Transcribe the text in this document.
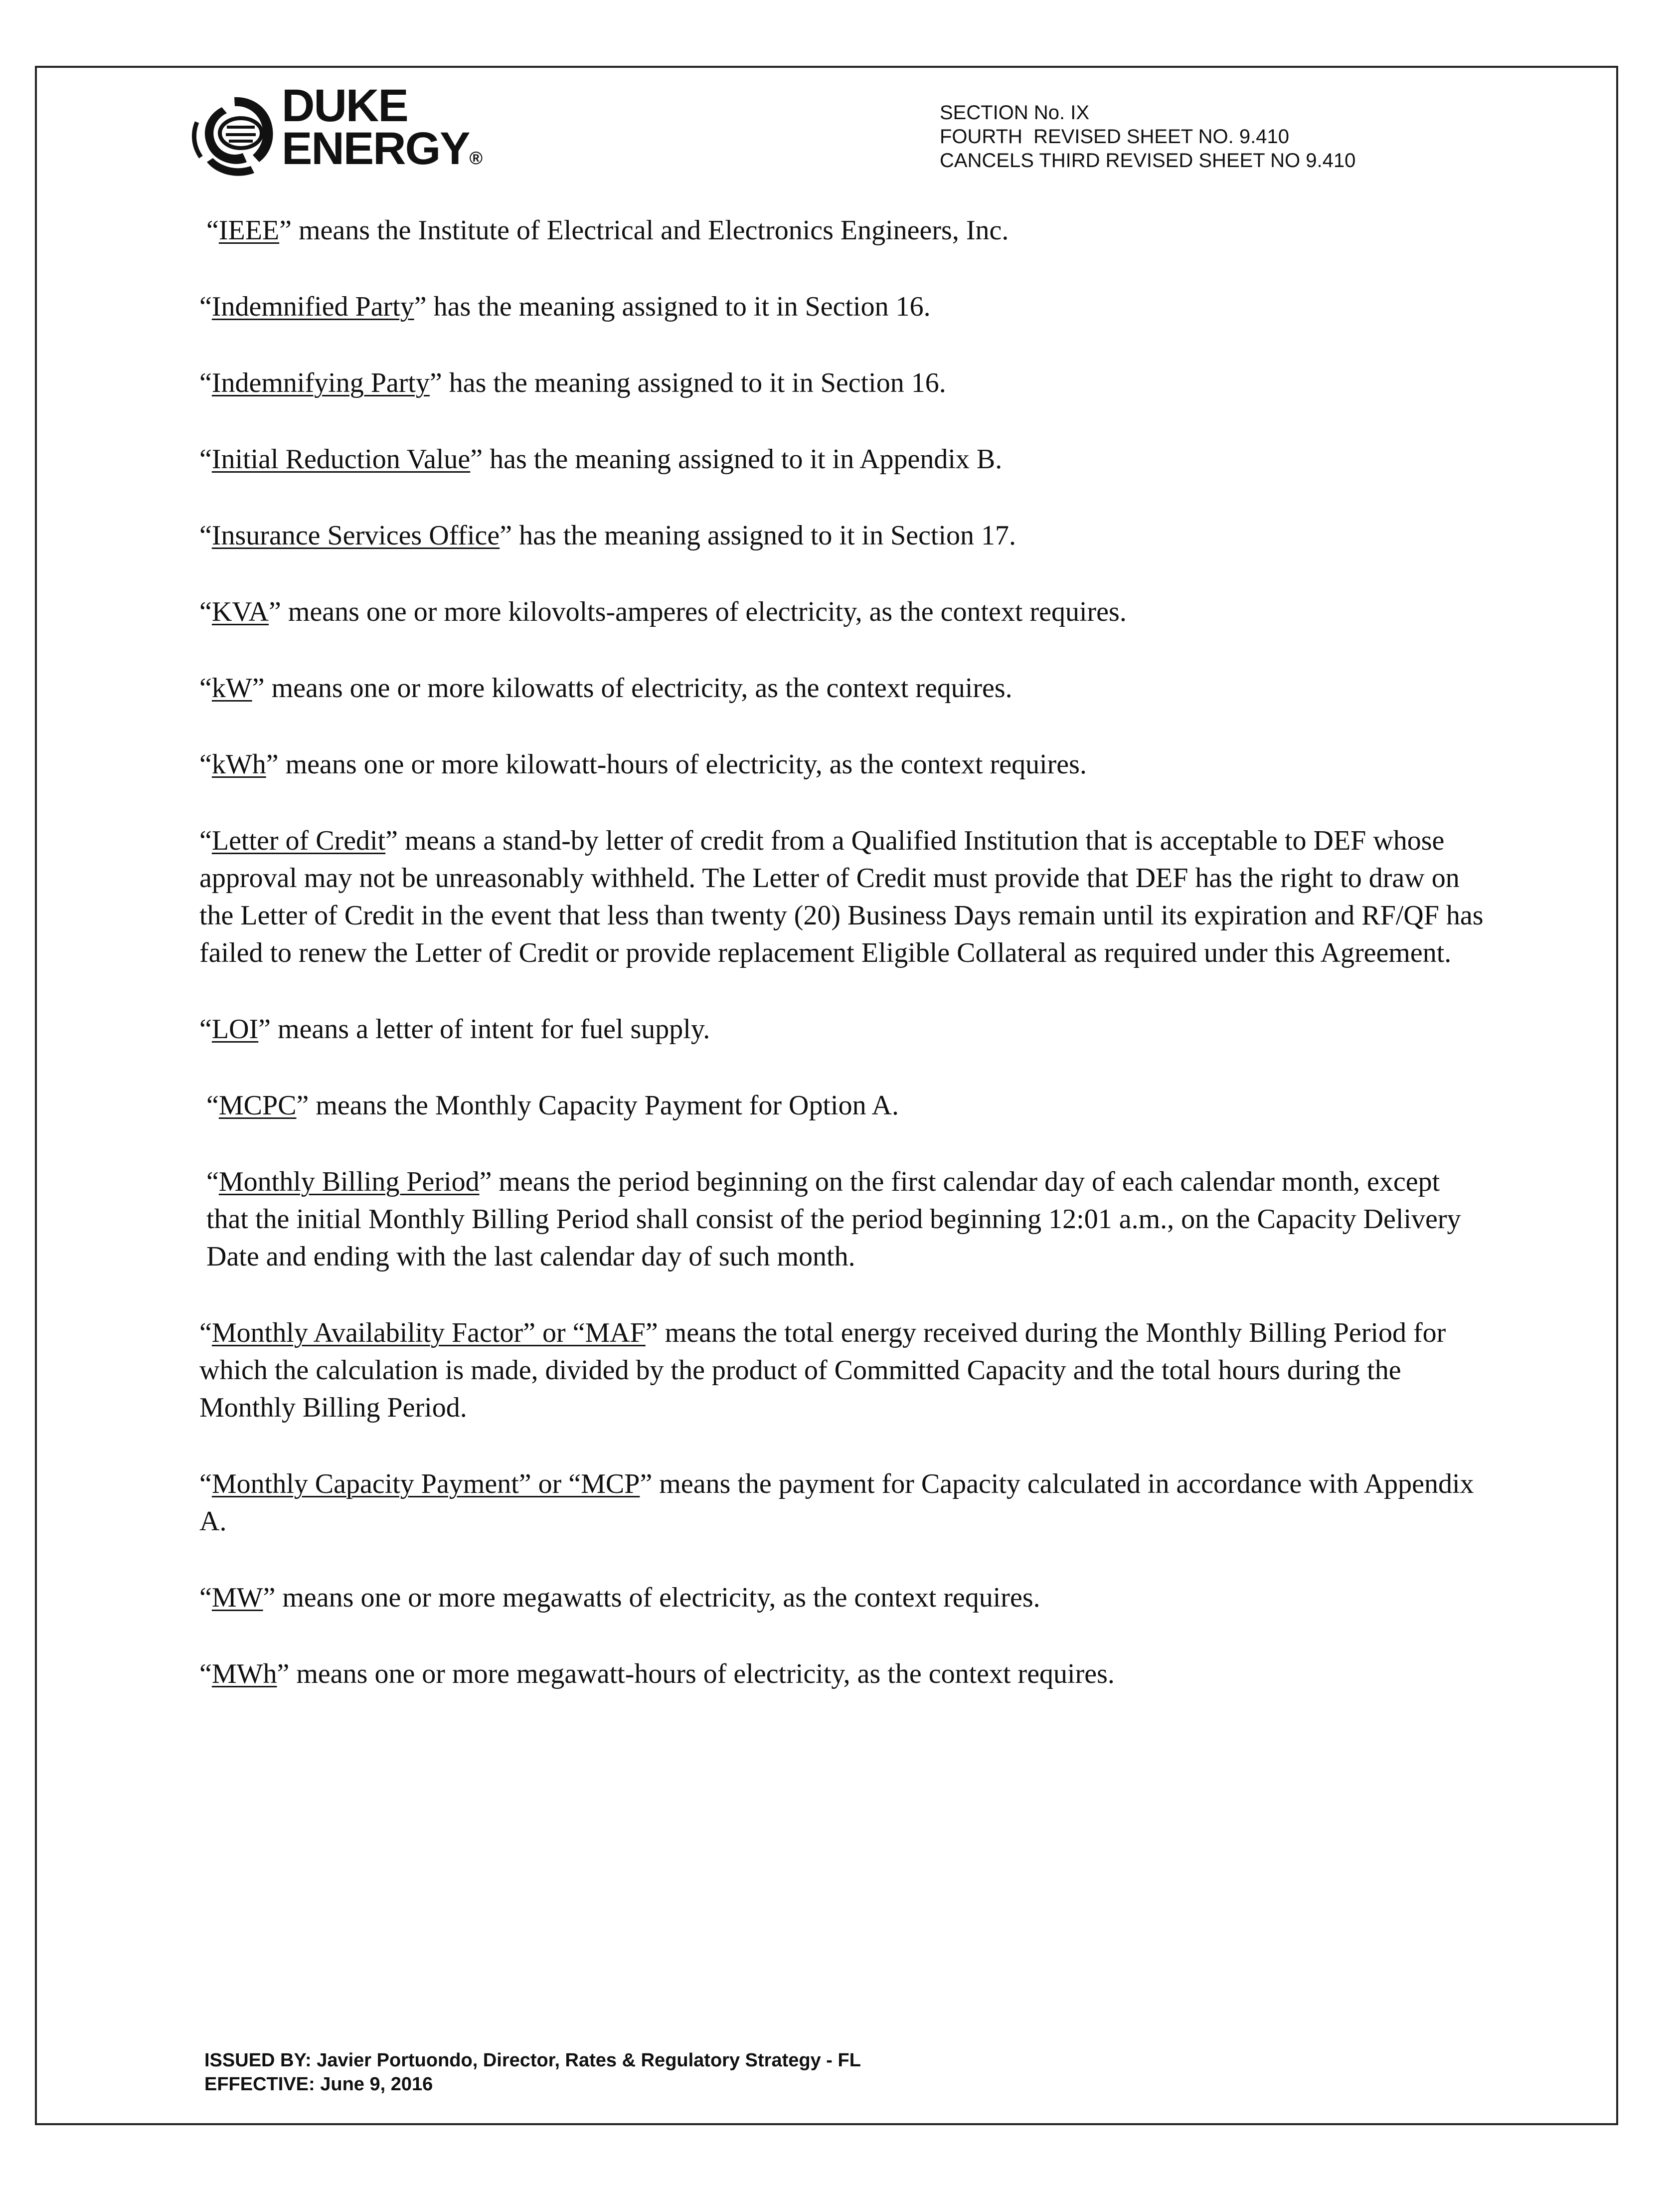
DUKE
ENERGY®
SECTION No. IX
FOURTH  REVISED SHEET NO. 9.410
CANCELS THIRD REVISED SHEET NO 9.410

“IEEE” means the Institute of Electrical and Electronics Engineers, Inc.

“Indemnified Party” has the meaning assigned to it in Section 16.

“Indemnifying Party” has the meaning assigned to it in Section 16.

“Initial Reduction Value” has the meaning assigned to it in Appendix B.

“Insurance Services Office” has the meaning assigned to it in Section 17.

“KVA” means one or more kilovolts-amperes of electricity, as the context requires.

“kW” means one or more kilowatts of electricity, as the context requires.

“kWh” means one or more kilowatt-hours of electricity, as the context requires.

“Letter of Credit” means a stand-by letter of credit from a Qualified Institution that is acceptable to DEF whose approval may not be unreasonably withheld. The Letter of Credit must provide that DEF has the right to draw on the Letter of Credit in the event that less than twenty (20) Business Days remain until its expiration and RF/QF has failed to renew the Letter of Credit or provide replacement Eligible Collateral as required under this Agreement.

“LOI” means a letter of intent for fuel supply.

“MCPC” means the Monthly Capacity Payment for Option A.

“Monthly Billing Period” means the period beginning on the first calendar day of each calendar month, except that the initial Monthly Billing Period shall consist of the period beginning 12:01 a.m., on the Capacity Delivery Date and ending with the last calendar day of such month.

“Monthly Availability Factor” or “MAF” means the total energy received during the Monthly Billing Period for which the calculation is made, divided by the product of Committed Capacity and the total hours during the Monthly Billing Period.

“Monthly Capacity Payment” or “MCP” means the payment for Capacity calculated in accordance with Appendix A.

“MW” means one or more megawatts of electricity, as the context requires.

“MWh” means one or more megawatt-hours of electricity, as the context requires.

ISSUED BY: Javier Portuondo, Director, Rates & Regulatory Strategy - FL
EFFECTIVE: June 9, 2016
